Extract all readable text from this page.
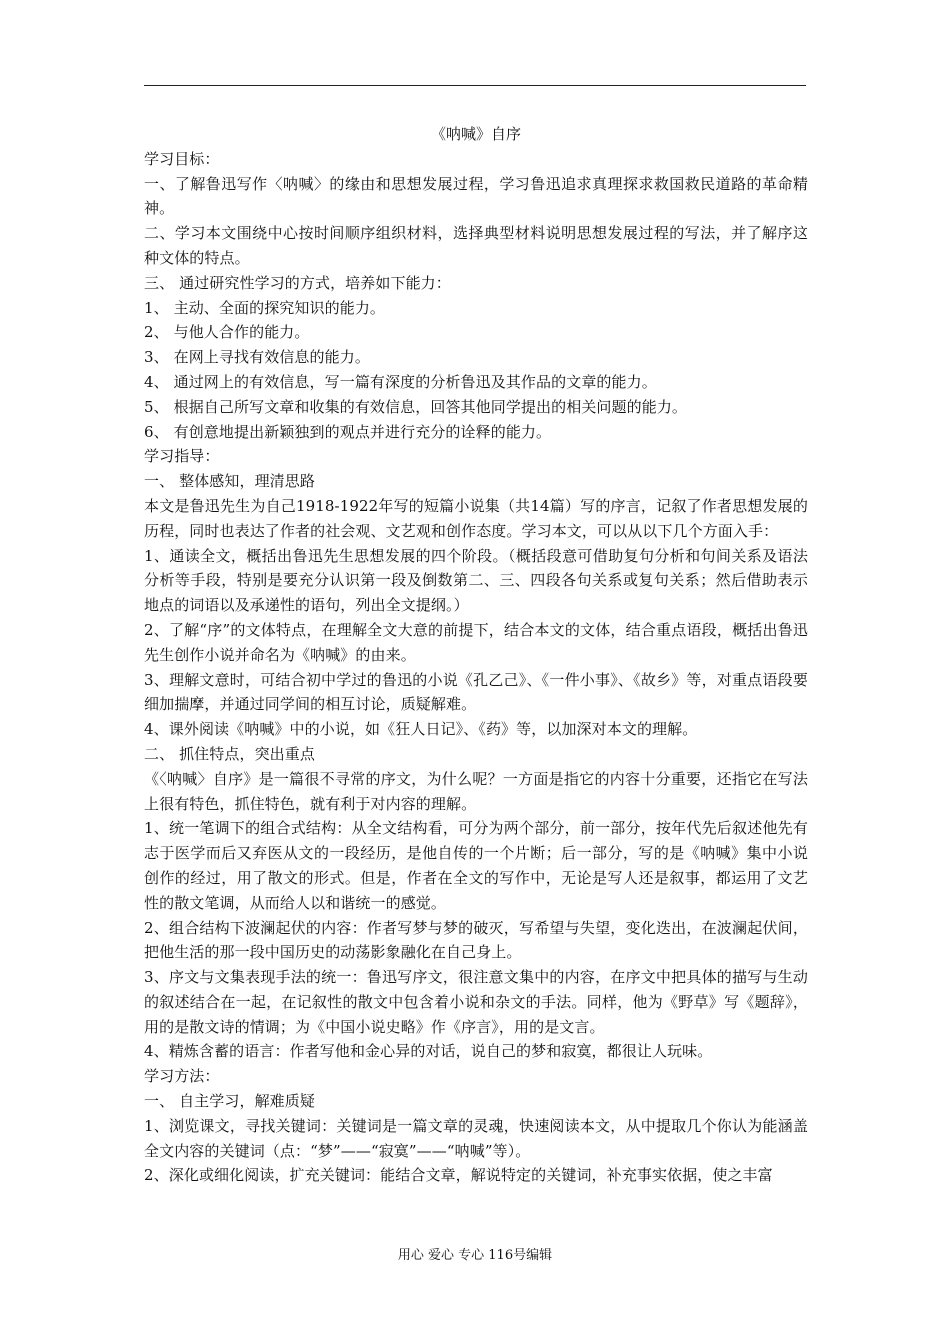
《呐喊》自序

学习目标：

一、了解鲁迅写作〈呐喊〉的缘由和思想发展过程，学习鲁迅追求真理探求救国救民道路的革命精神。

二、学习本文围绕中心按时间顺序组织材料，选择典型材料说明思想发展过程的写法，并了解序这种文体的特点。

三、 通过研究性学习的方式，培养如下能力：

1、 主动、全面的探究知识的能力。

2、 与他人合作的能力。

3、 在网上寻找有效信息的能力。

4、 通过网上的有效信息，写一篇有深度的分析鲁迅及其作品的文章的能力。

5、 根据自己所写文章和收集的有效信息，回答其他同学提出的相关问题的能力。

6、 有创意地提出新颖独到的观点并进行充分的诠释的能力。

学习指导：

一、 整体感知，理清思路

本文是鲁迅先生为自己1918-1922年写的短篇小说集（共14篇）写的序言，记叙了作者思想发展的历程，同时也表达了作者的社会观、文艺观和创作态度。学习本文，可以从以下几个方面入手：

1、通读全文，概括出鲁迅先生思想发展的四个阶段。（概括段意可借助复句分析和句间关系及语法分析等手段，特别是要充分认识第一段及倒数第二、三、四段各句关系或复句关系；然后借助表示地点的词语以及承递性的语句，列出全文提纲。）

2、了解“序”的文体特点，在理解全文大意的前提下，结合本文的文体，结合重点语段，概括出鲁迅先生创作小说并命名为《呐喊》的由来。

3、理解文意时，可结合初中学过的鲁迅的小说《孔乙己》、《一件小事》、《故乡》等，对重点语段要细加揣摩，并通过同学间的相互讨论，质疑解难。

4、课外阅读《呐喊》中的小说，如《狂人日记》、《药》等，以加深对本文的理解。

二、 抓住特点，突出重点

《〈呐喊〉自序》是一篇很不寻常的序文，为什么呢？一方面是指它的内容十分重要，还指它在写法上很有特色，抓住特色，就有利于对内容的理解。

1、统一笔调下的组合式结构：从全文结构看，可分为两个部分，前一部分，按年代先后叙述他先有志于医学而后又弃医从文的一段经历，是他自传的一个片断；后一部分，写的是《呐喊》集中小说创作的经过，用了散文的形式。但是，作者在全文的写作中，无论是写人还是叙事，都运用了文艺性的散文笔调，从而给人以和谐统一的感觉。

2、组合结构下波澜起伏的内容：作者写梦与梦的破灭，写希望与失望，变化迭出，在波澜起伏间，把他生活的那一段中国历史的动荡影象融化在自己身上。

3、序文与文集表现手法的统一：鲁迅写序文，很注意文集中的内容，在序文中把具体的描写与生动的叙述结合在一起，在记叙性的散文中包含着小说和杂文的手法。同样，他为《野草》写《题辞》，用的是散文诗的情调；为《中国小说史略》作《序言》，用的是文言。

4、精炼含蓄的语言：作者写他和金心异的对话，说自己的梦和寂寞，都很让人玩味。

学习方法：

一、 自主学习，解难质疑

1、浏览课文，寻找关键词：关键词是一篇文章的灵魂，快速阅读本文，从中提取几个你认为能涵盖全文内容的关键词（点：“梦”——“寂寞”——“呐喊”等）。

2、深化或细化阅读，扩充关键词：能结合文章，解说特定的关键词，补充事实依据，使之丰富

用心 爱心 专心 116号编辑
